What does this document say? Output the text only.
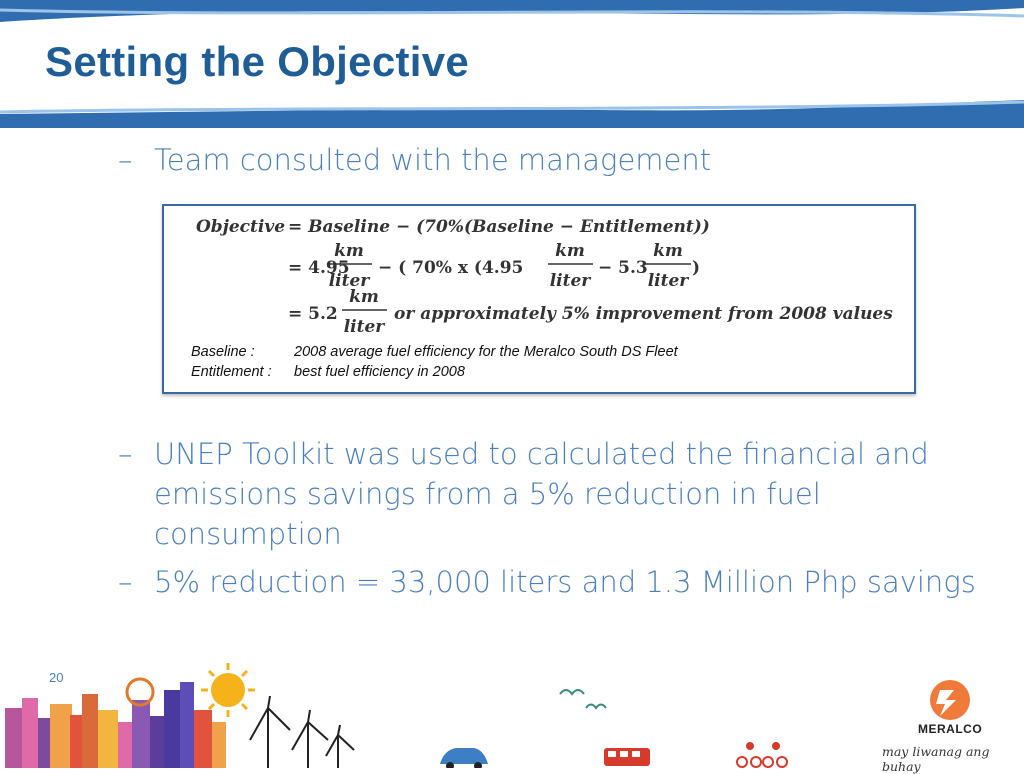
Setting the Objective
– Team consulted with the management
Objective = Baseline − (70%(Baseline − Entitlement))
= 4.95
km
liter
− ( 70% x (4.95
km
liter
− 5.3
km
liter
)
= 5.2
km
liter
or approximately 5% improvement from 2008 values
Baseline :	2008 average fuel efficiency for the Meralco South DS Fleet
Entitlement :	best fuel efficiency in 2008
– UNEP Toolkit was used to calculated the financial and emissions savings from a 5% reduction in fuel consumption
– 5% reduction = 33,000 liters and 1.3 Million Php savings
20
MERALCO
may liwanag ang buhay
